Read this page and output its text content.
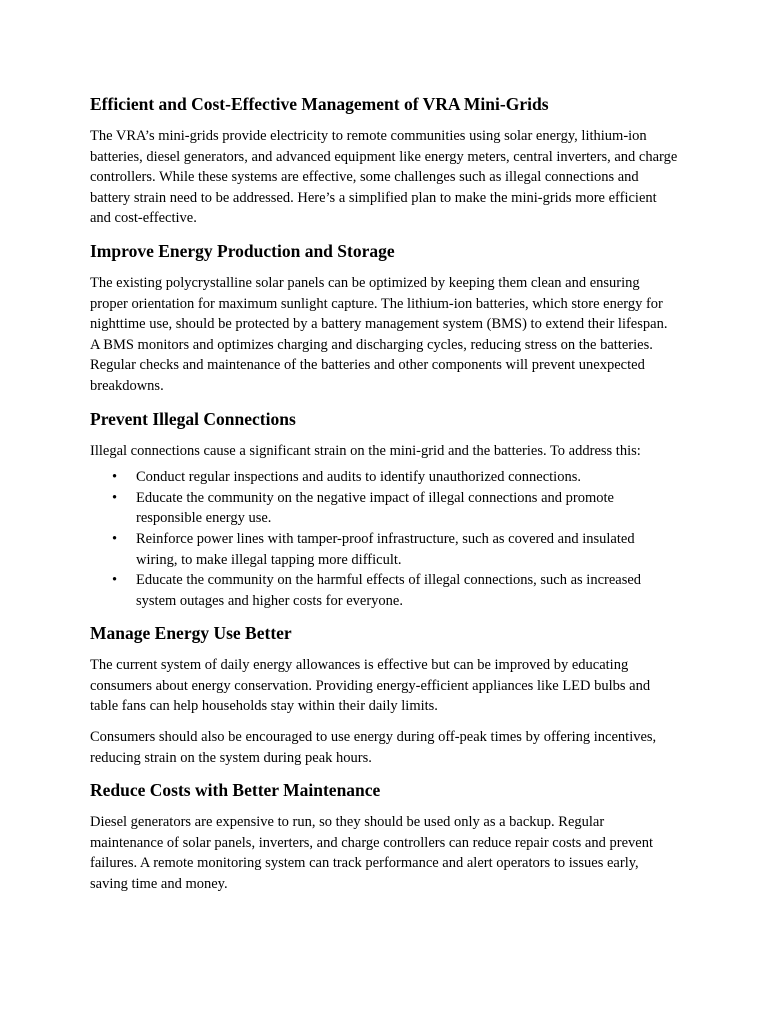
Efficient and Cost-Effective Management of VRA Mini-Grids

The VRA’s mini-grids provide electricity to remote communities using solar energy, lithium-ion batteries, diesel generators, and advanced equipment like energy meters, central inverters, and charge controllers. While these systems are effective, some challenges such as illegal connections and battery strain need to be addressed. Here’s a simplified plan to make the mini-grids more efficient and cost-effective.

Improve Energy Production and Storage

The existing polycrystalline solar panels can be optimized by keeping them clean and ensuring proper orientation for maximum sunlight capture. The lithium-ion batteries, which store energy for nighttime use, should be protected by a battery management system (BMS) to extend their lifespan. A BMS monitors and optimizes charging and discharging cycles, reducing stress on the batteries. Regular checks and maintenance of the batteries and other components will prevent unexpected breakdowns.

Prevent Illegal Connections

Illegal connections cause a significant strain on the mini-grid and the batteries. To address this:

• Conduct regular inspections and audits to identify unauthorized connections.
• Educate the community on the negative impact of illegal connections and promote responsible energy use.
• Reinforce power lines with tamper-proof infrastructure, such as covered and insulated wiring, to make illegal tapping more difficult.
• Educate the community on the harmful effects of illegal connections, such as increased system outages and higher costs for everyone.
Manage Energy Use Better

The current system of daily energy allowances is effective but can be improved by educating consumers about energy conservation. Providing energy-efficient appliances like LED bulbs and table fans can help households stay within their daily limits.

Consumers should also be encouraged to use energy during off-peak times by offering incentives, reducing strain on the system during peak hours.

Reduce Costs with Better Maintenance

Diesel generators are expensive to run, so they should be used only as a backup. Regular maintenance of solar panels, inverters, and charge controllers can reduce repair costs and prevent failures. A remote monitoring system can track performance and alert operators to issues early, saving time and money.
